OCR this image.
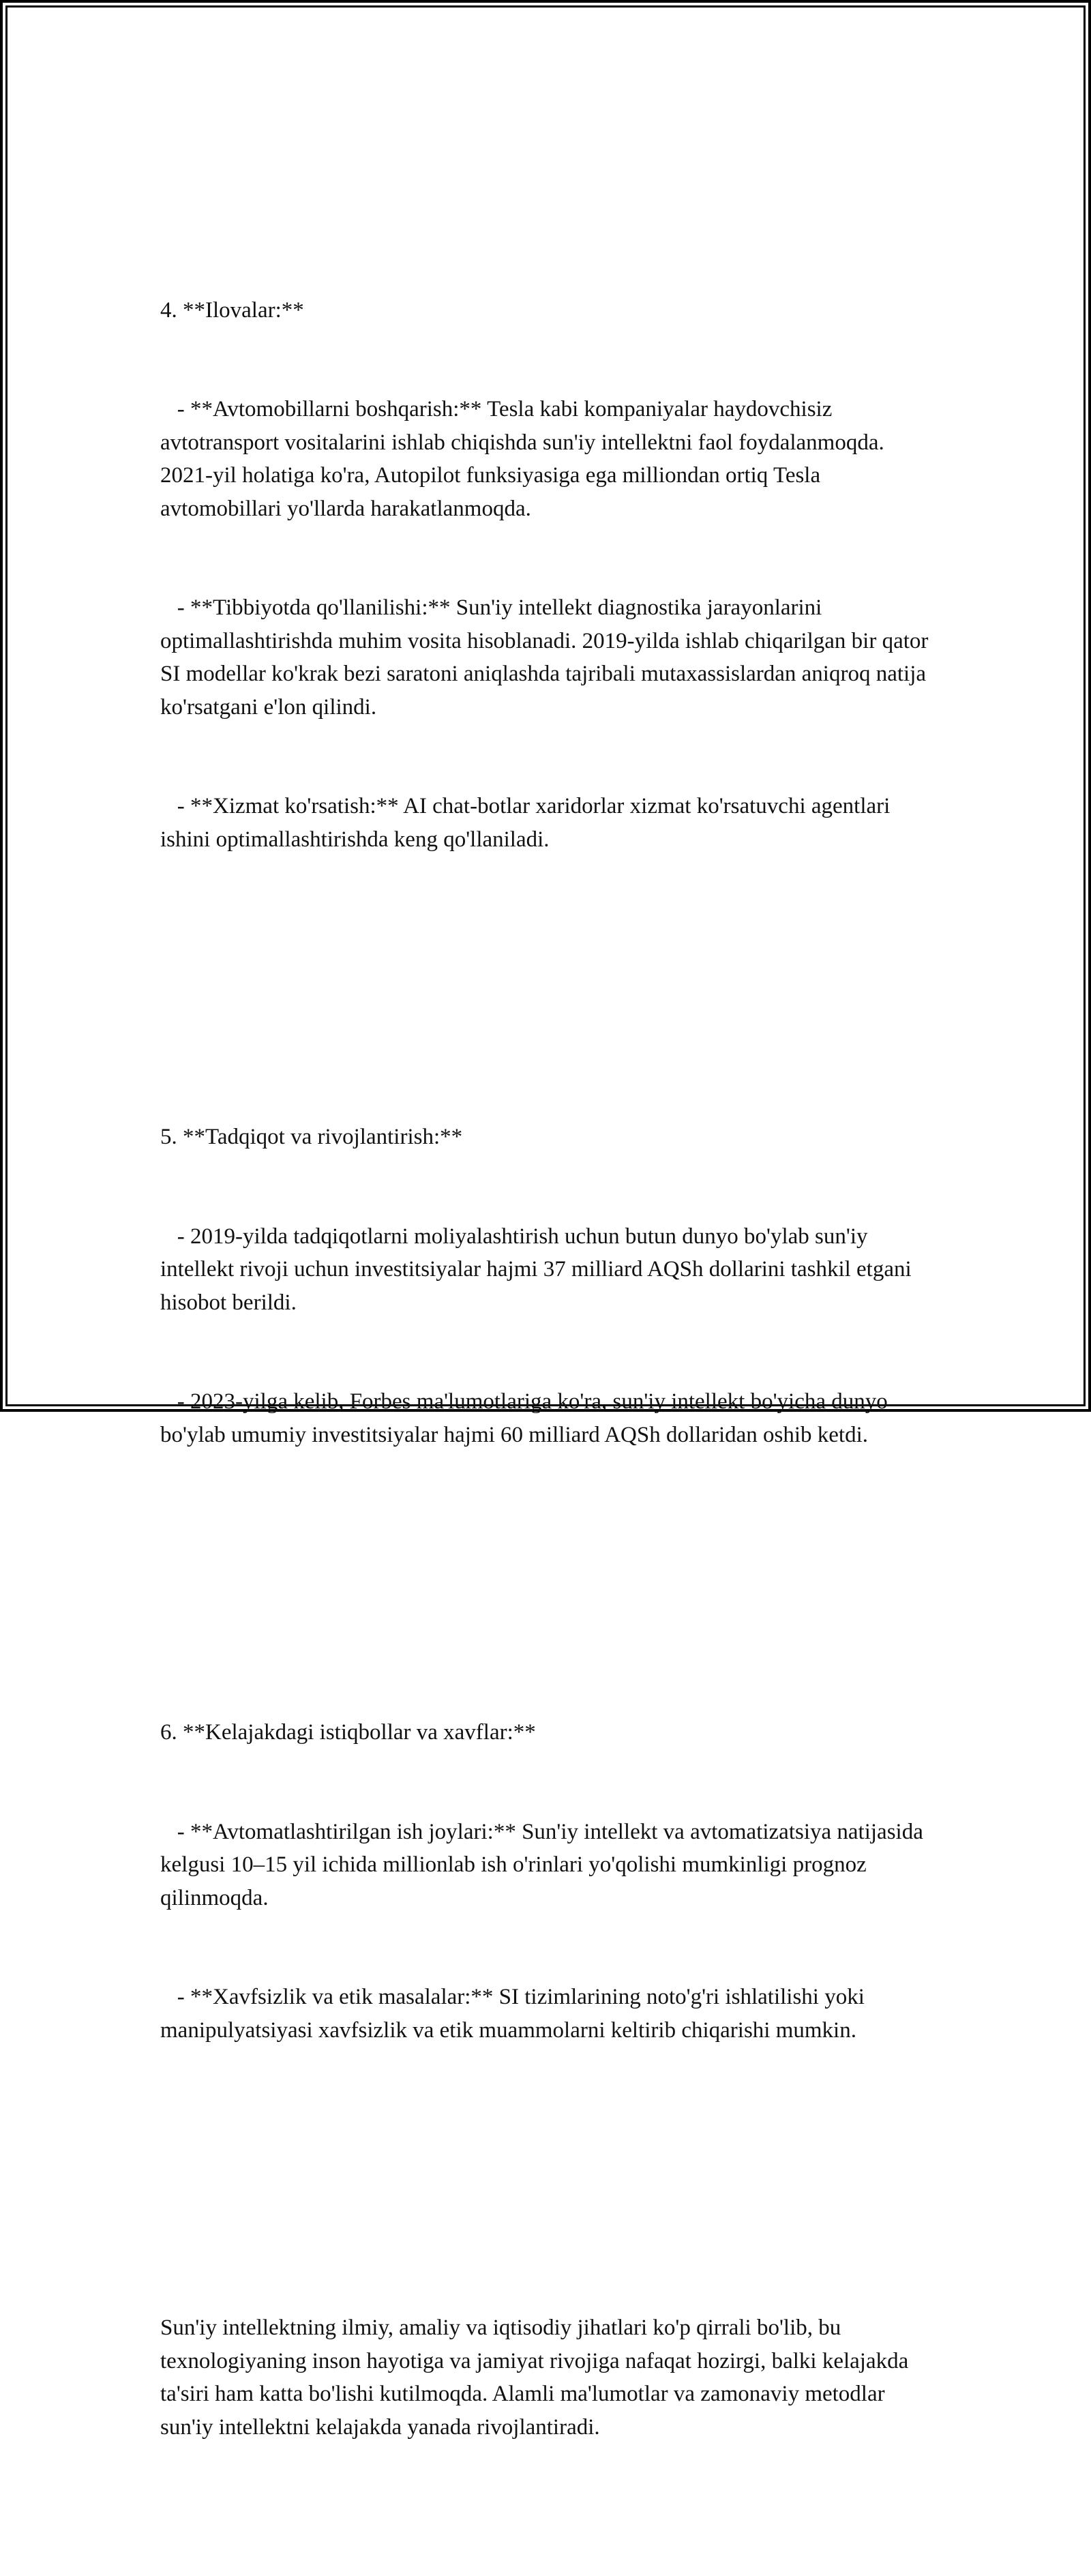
4. **Ilovalar:**

- **Avtomobillarni boshqarish:** Tesla kabi kompaniyalar haydovchisiz avtotransport vositalarini ishlab chiqishda sun'iy intellektni faol foydalanmoqda. 2021-yil holatiga ko'ra, Autopilot funksiyasiga ega milliondan ortiq Tesla avtomobillari yo'llarda harakatlanmoqda.

- **Tibbiyotda qo'llanilishi:** Sun'iy intellekt diagnostika jarayonlarini optimallashtirishda muhim vosita hisoblanadi. 2019-yilda ishlab chiqarilgan bir qator SI modellar ko'krak bezi saratoni aniqlashda tajribali mutaxassislardan aniqroq natija ko'rsatgani e'lon qilindi.

- **Xizmat ko'rsatish:** AI chat-botlar xaridorlar xizmat ko'rsatuvchi agentlari ishini optimallashtirishda keng qo'llaniladi.

5. **Tadqiqot va rivojlantirish:**

- 2019-yilda tadqiqotlarni moliyalashtirish uchun butun dunyo bo'ylab sun'iy intellekt rivoji uchun investitsiyalar hajmi 37 milliard AQSh dollarini tashkil etgani hisobot berildi.

- 2023-yilga kelib, Forbes ma'lumotlariga ko'ra, sun'iy intellekt bo'yicha dunyo bo'ylab umumiy investitsiyalar hajmi 60 milliard AQSh dollaridan oshib ketdi.

6. **Kelajakdagi istiqbollar va xavflar:**

- **Avtomatlashtirilgan ish joylari:** Sun'iy intellekt va avtomatizatsiya natijasida kelgusi 10–15 yil ichida millionlab ish o'rinlari yo'qolishi mumkinligi prognoz qilinmoqda.

- **Xavfsizlik va etik masalalar:** SI tizimlarining noto'g'ri ishlatilishi yoki manipulyatsiyasi xavfsizlik va etik muammolarni keltirib chiqarishi mumkin.

Sun'iy intellektning ilmiy, amaliy va iqtisodiy jihatlari ko'p qirrali bo'lib, bu texnologiyaning inson hayotiga va jamiyat rivojiga nafaqat hozirgi, balki kelajakda ta'siri ham katta bo'lishi kutilmoqda. Alamli ma'lumotlar va zamonaviy metodlar sun'iy intellektni kelajakda yanada rivojlantiradi.
